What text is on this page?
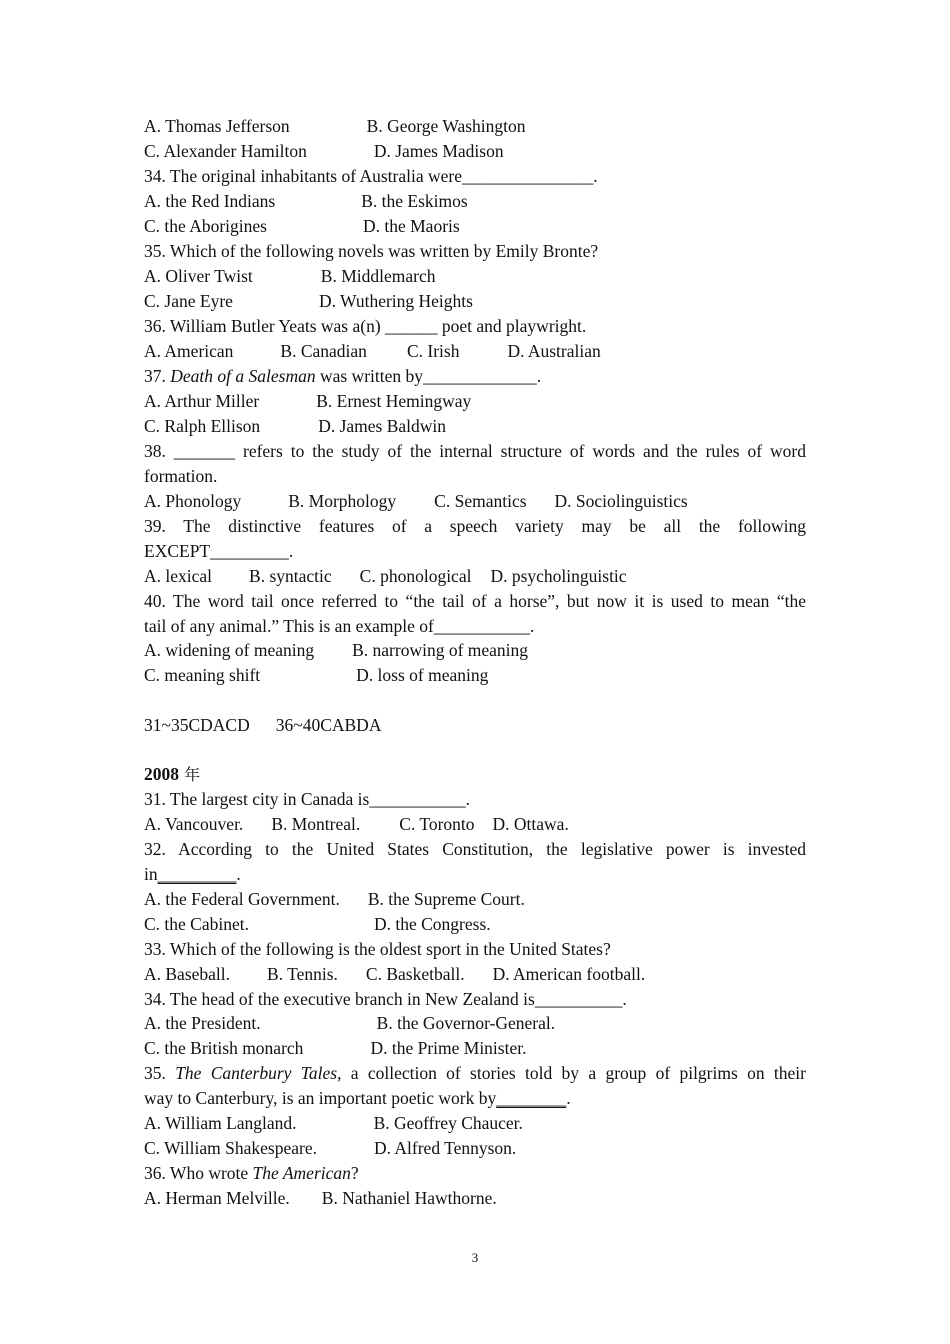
A. Thomas Jefferson	B. George Washington
C. Alexander Hamilton	D. James Madison
34. The original inhabitants of Australia were_______________.
A. the Red Indians	B. the Eskimos
C. the Aborigines	D. the Maoris
35. Which of the following novels was written by Emily Bronte?
A. Oliver Twist	B. Middlemarch
C. Jane Eyre	D. Wuthering Heights
36. William Butler Yeats was a(n) ______ poet and playwright.
A. American	B. Canadian C. Irish	D. Australian
37. Death of a Salesman was written by_____________.
A. Arthur Miller	B. Ernest Hemingway
C. Ralph Ellison	D. James Baldwin
38. _______ refers to the study of the internal structure of words and the rules of word
formation.
A. Phonology	B. Morphology C. Semantics D. Sociolinguistics
39. The distinctive features of a speech variety may be all the following
EXCEPT_________.
A. lexical B. syntactic C. phonological D. psycholinguistic
40. The word tail once referred to “the tail of a horse”, but now it is used to mean “the
tail of any animal.” This is an example of___________.
A. widening of meaning B. narrowing of meaning
C. meaning shift	D. loss of meaning
31~35CDACD 36~40CABDA
2008 年
31. The largest city in Canada is___________.
A. Vancouver. B. Montreal. C. Toronto D. Ottawa.
32. According to the United States Constitution, the legislative power is invested
in_________.
A. the Federal Government. B. the Supreme Court.
C. the Cabinet.	D. the Congress.
33. Which of the following is the oldest sport in the United States?
A. Baseball. B. Tennis. C. Basketball. D. American football.
34. The head of the executive branch in New Zealand is__________.
A. the President.	B. the Governor-General.
C. the British monarch	D. the Prime Minister.
35. The Canterbury Tales, a collection of stories told by a group of pilgrims on their
way to Canterbury, is an important poetic work by________.
A. William Langland.	B. Geoffrey Chaucer.
C. William Shakespeare.	D. Alfred Tennyson.
36. Who wrote The American?
A. Herman Melville. B. Nathaniel Hawthorne.
3
